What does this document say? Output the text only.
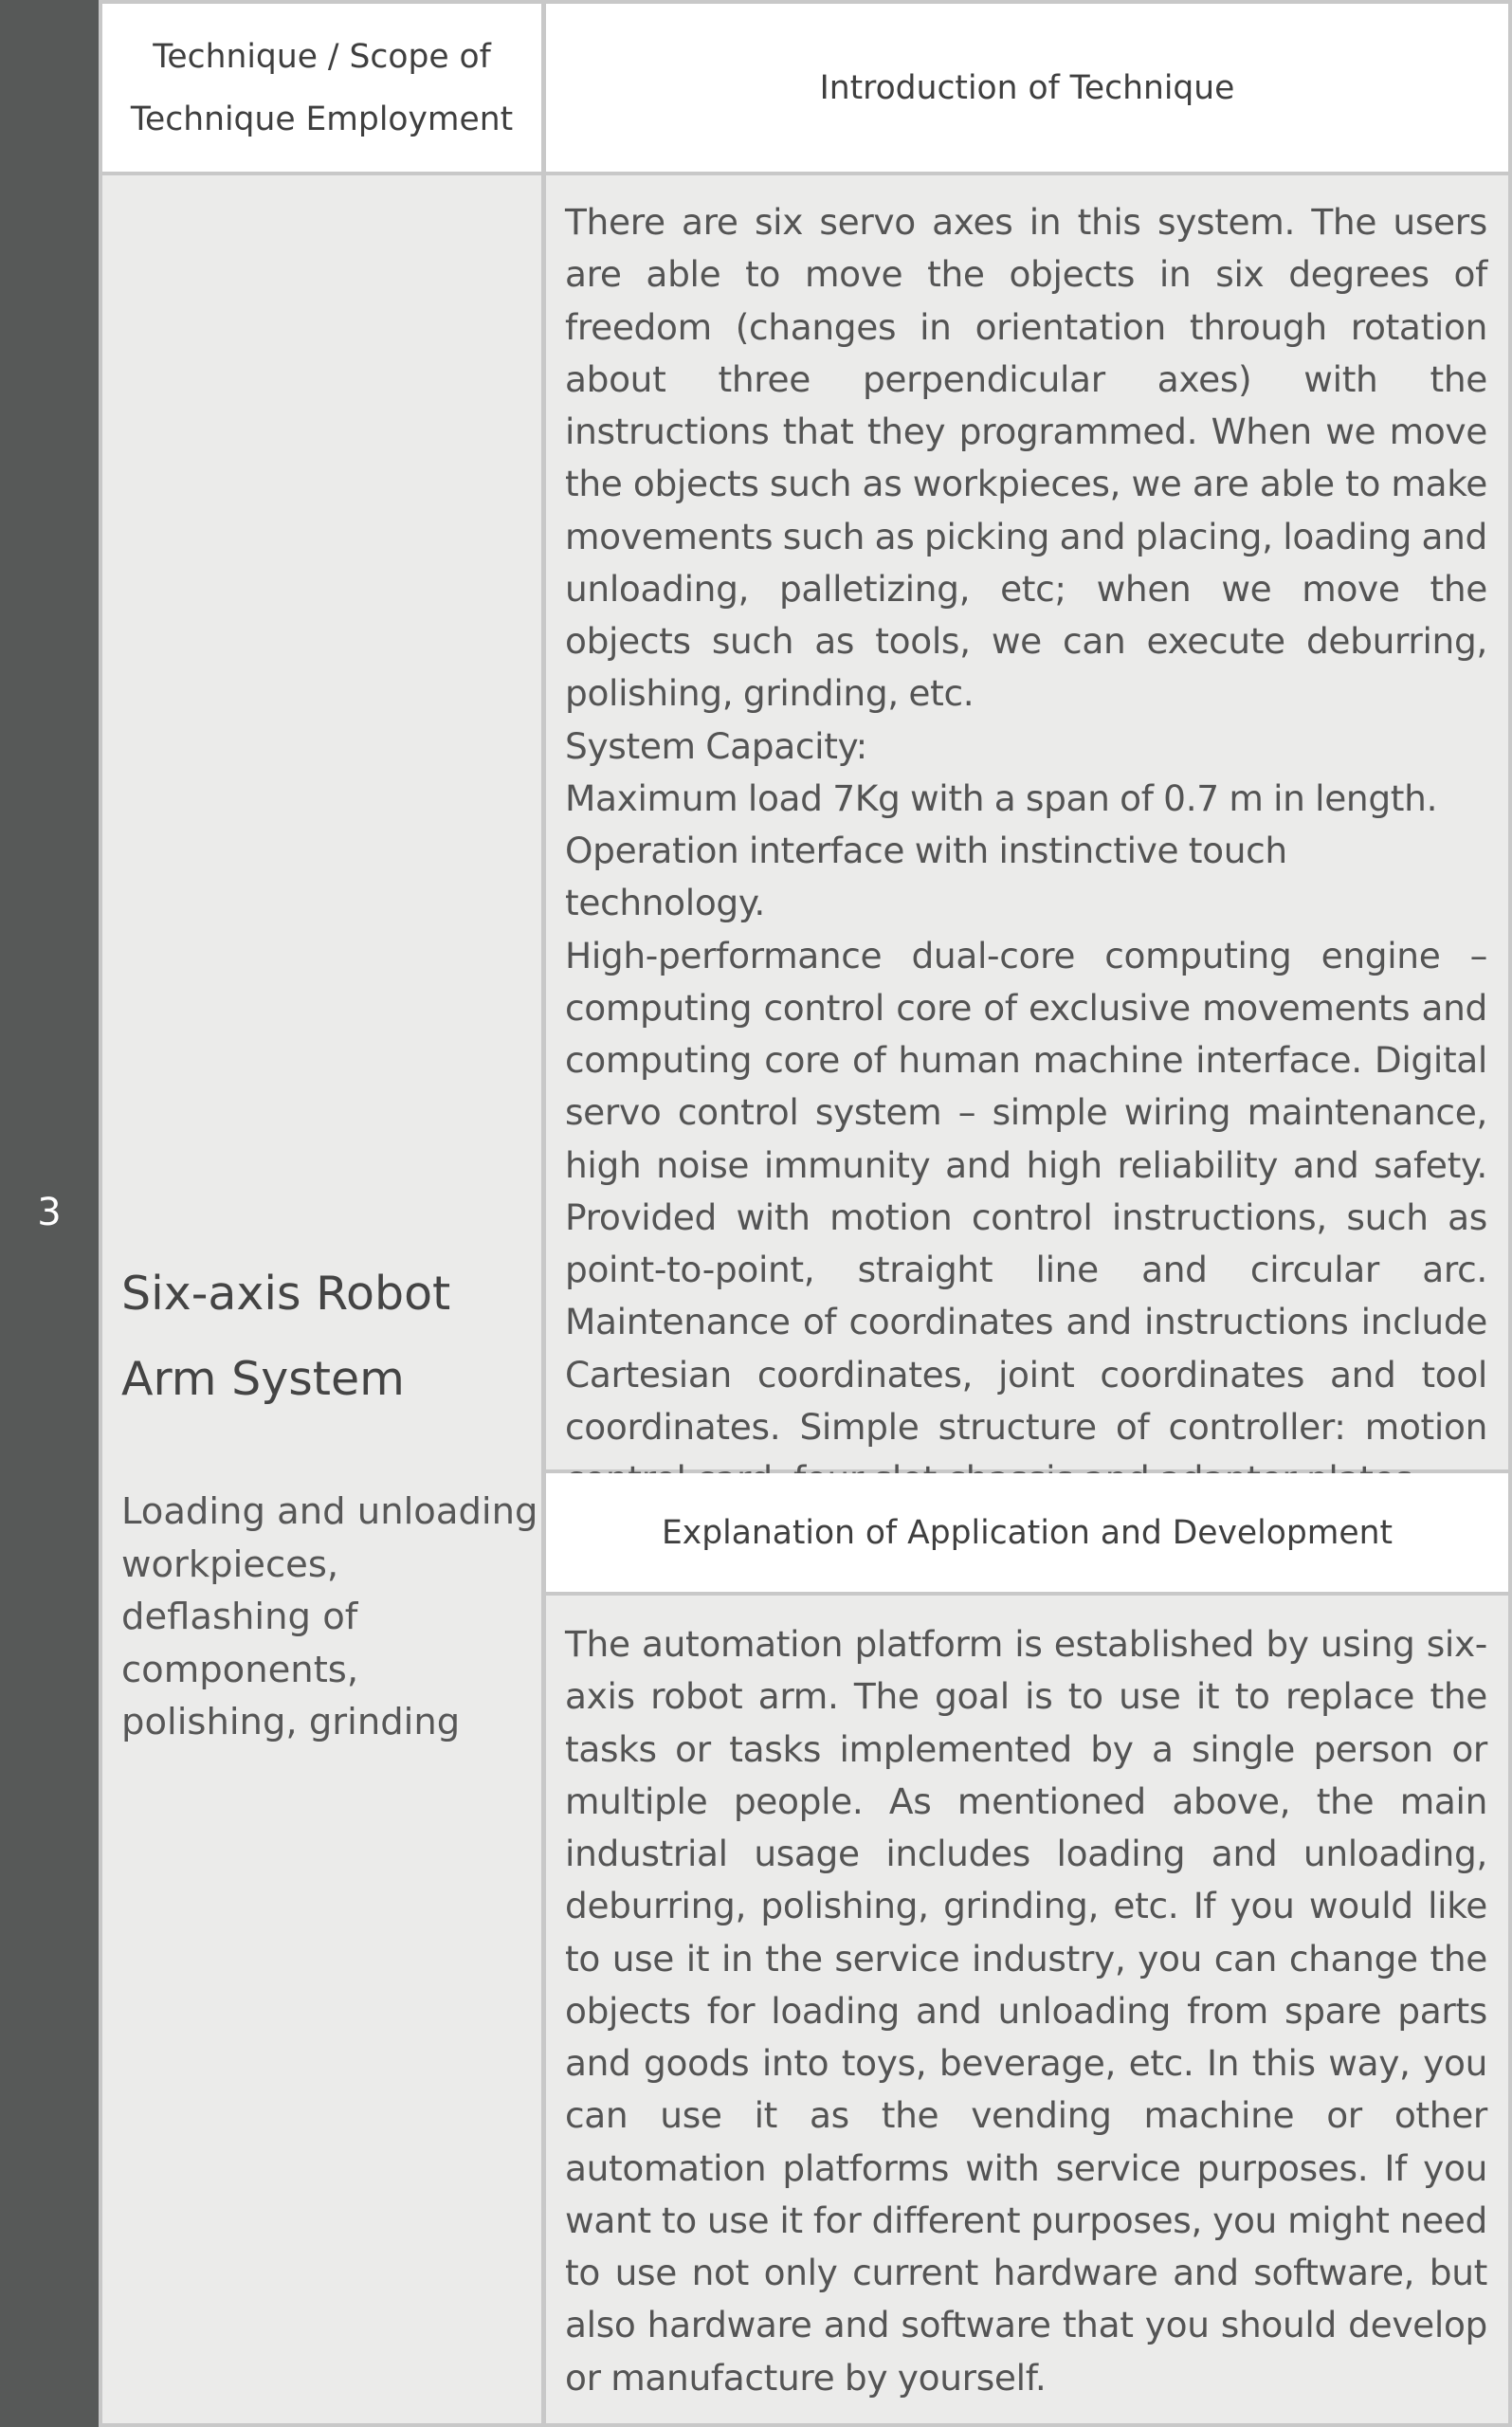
3
Technique / Scope of Technique Employment
Introduction of Technique
Six-axis Robot Arm System
Loading and unloading workpieces, deflashing of components, polishing, grinding

There are six servo axes in this system. The users are able to move the objects in six degrees of freedom (changes in orientation through rotation about three perpendicular axes) with the instructions that they programmed. When we move the objects such as workpieces, we are able to make movements such as picking and placing, loading and unloading, palletizing, etc; when we move the objects such as tools, we can execute deburring, polishing, grinding, etc.

System Capacity:

Maximum load 7Kg with a span of 0.7 m in length.

Operation interface with instinctive touch technology.

High-performance dual-core computing engine – computing control core of exclusive movements and computing core of human machine interface. Digital servo control system – simple wiring maintenance, high noise immunity and high reliability and safety. Provided with motion control instructions, such as point-to-point, straight line and circular arc. Maintenance of coordinates and instructions include Cartesian coordinates, joint coordinates and tool coordinates. Simple structure of controller: motion

Explanation of Application and Development

The automation platform is established by using six-axis robot arm. The goal is to use it to replace the tasks or tasks implemented by a single person or multiple people. As mentioned above, the main industrial usage includes loading and unloading, deburring, polishing, grinding, etc. If you would like to use it in the service industry, you can change the objects for loading and unloading from spare parts and goods into toys, beverage, etc. In this way, you can use it as the vending machine or other automation platforms with service purposes. If you want to use it for different purposes, you might need to use not only current hardware and software, but also hardware and software that you should develop or manufacture by yourself.
